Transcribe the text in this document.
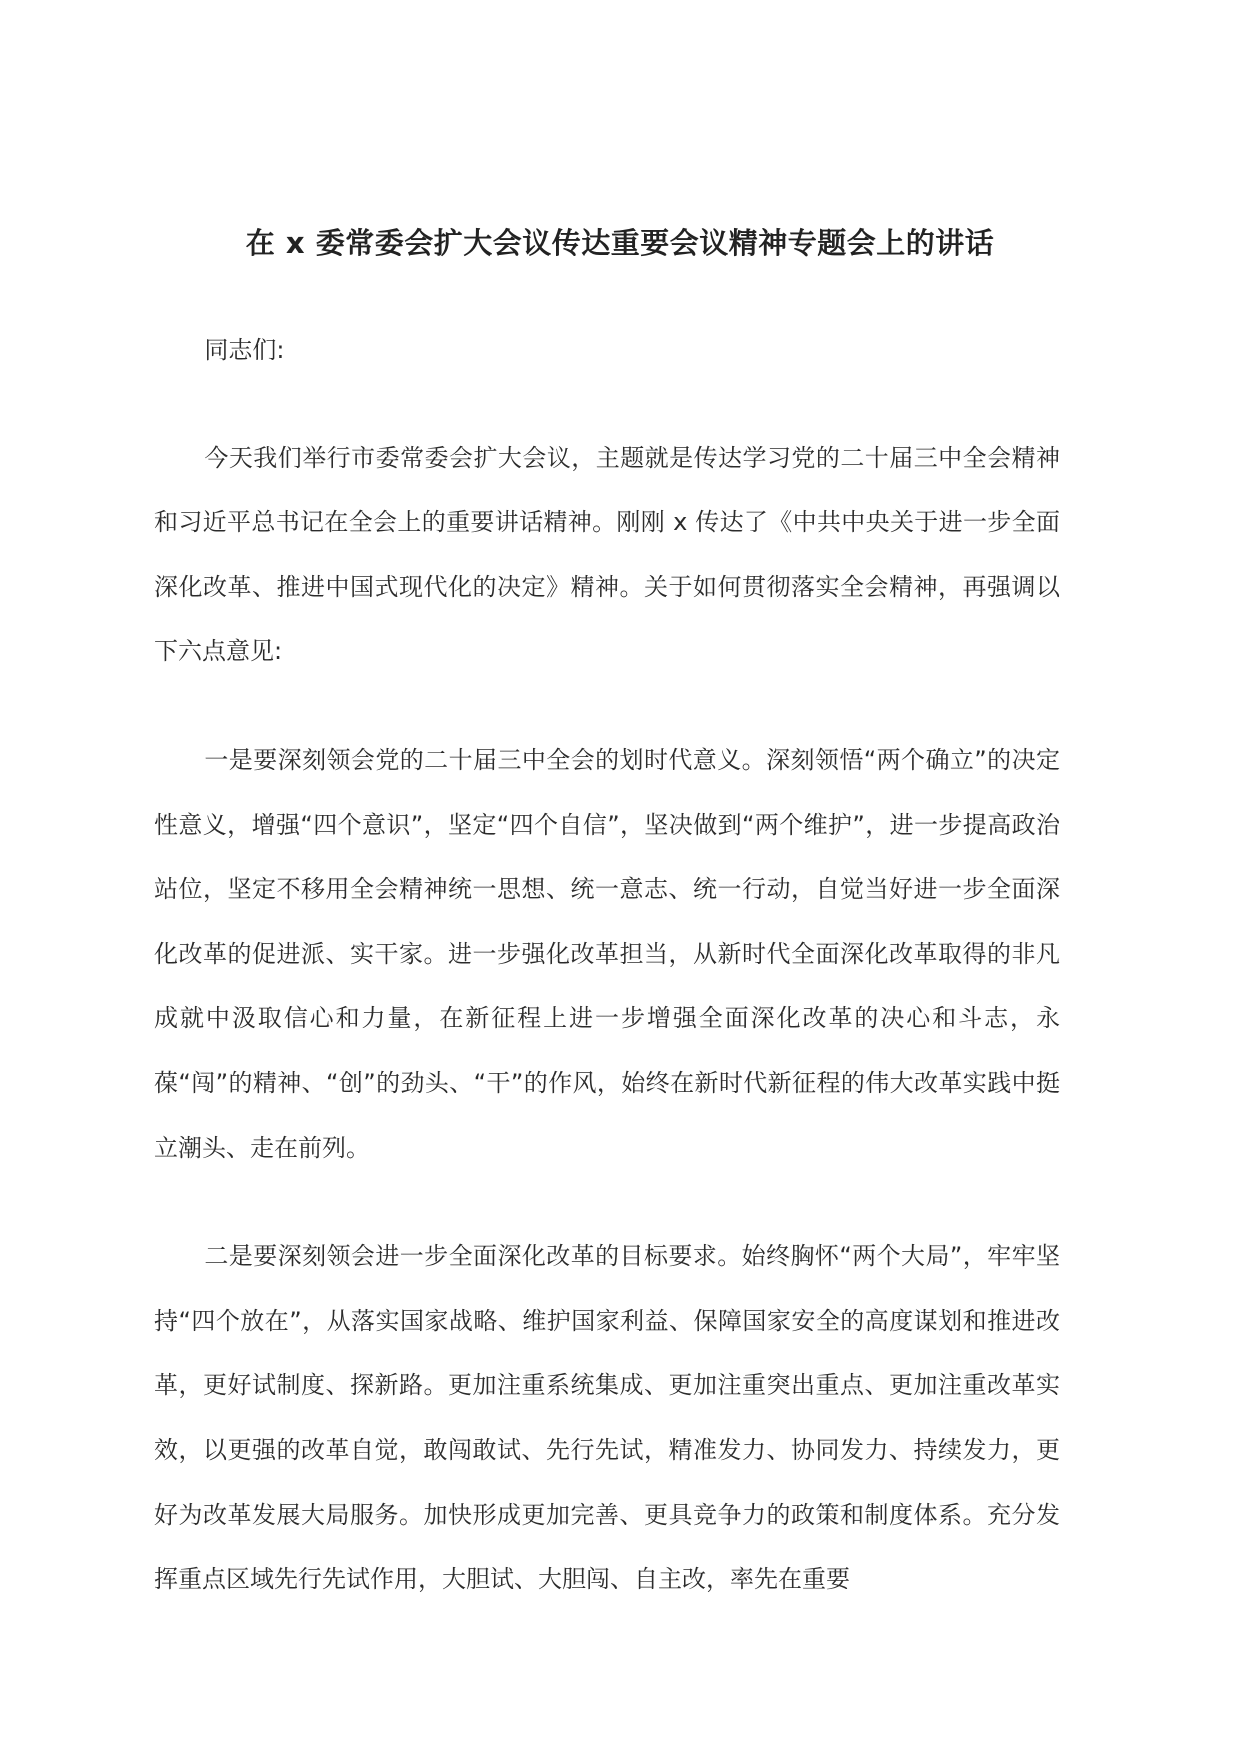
在 x 委常委会扩大会议传达重要会议精神专题会上的讲话

同志们:

今天我们举行市委常委会扩大会议，主题就是传达学习党的二十届三中全会精神和习近平总书记在全会上的重要讲话精神。刚刚 x 传达了《中共中央关于进一步全面深化改革、推进中国式现代化的决定》精神。关于如何贯彻落实全会精神，再强调以下六点意见:

一是要深刻领会党的二十届三中全会的划时代意义。深刻领悟“两个确立”的决定性意义，增强“四个意识”，坚定“四个自信”，坚决做到“两个维护”，进一步提高政治站位，坚定不移用全会精神统一思想、统一意志、统一行动，自觉当好进一步全面深化改革的促进派、实干家。进一步强化改革担当，从新时代全面深化改革取得的非凡成就中汲取信心和力量，在新征程上进一步增强全面深化改革的决心和斗志，永葆“闯”的精神、“创”的劲头、“干”的作风，始终在新时代新征程的伟大改革实践中挺立潮头、走在前列。

二是要深刻领会进一步全面深化改革的目标要求。始终胸怀“两个大局”，牢牢坚持“四个放在”，从落实国家战略、维护国家利益、保障国家安全的高度谋划和推进改革，更好试制度、探新路。更加注重系统集成、更加注重突出重点、更加注重改革实效，以更强的改革自觉，敢闯敢试、先行先试，精准发力、协同发力、持续发力，更好为改革发展大局服务。加快形成更加完善、更具竞争力的政策和制度体系。充分发挥重点区域先行先试作用，大胆试、大胆闯、自主改，率先在重要
